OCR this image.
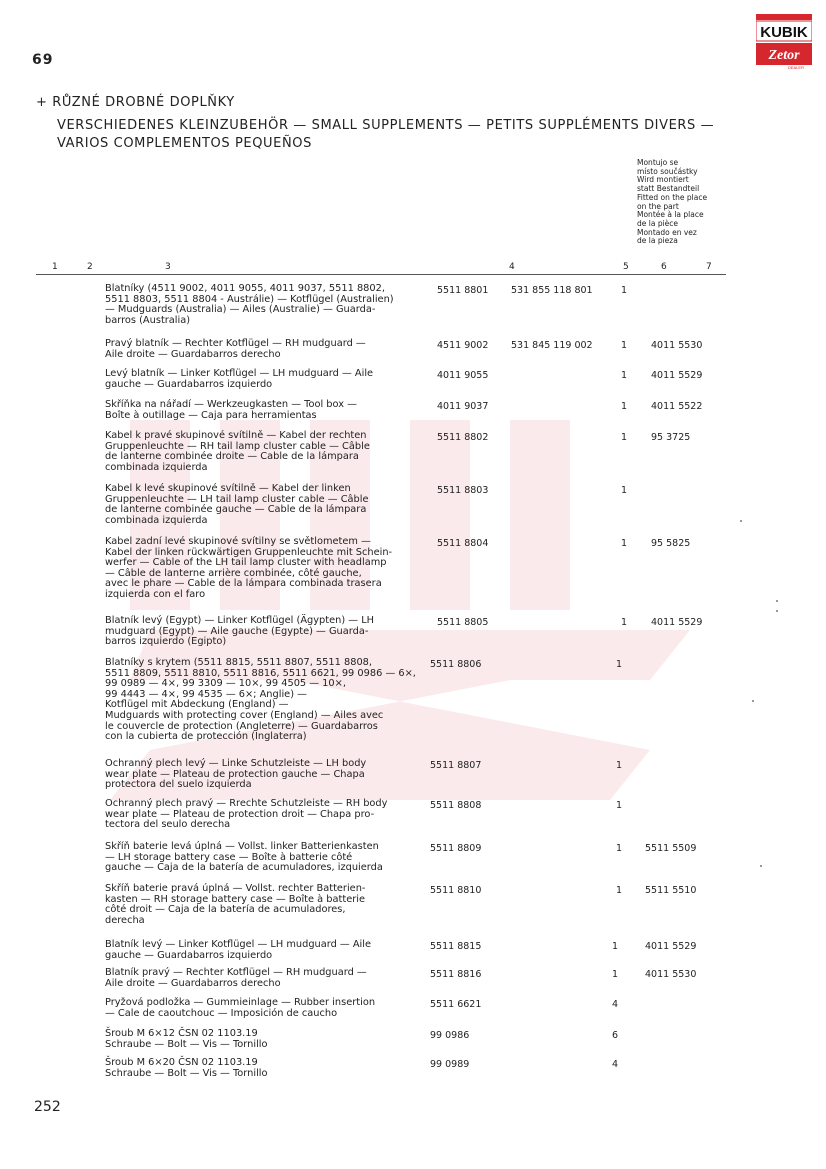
69
KUBIK
Zetor
DEALER
+ RŮZNÉ DROBNÉ DOPLŇKY
VERSCHIEDENES KLEINZUBEHÖR — SMALL SUPPLEMENTS — PETITS SUPPLÉMENTS DIVERS —
VARIOS COMPLEMENTOS PEQUEÑOS
Montujo se
místo součástky
Wird montiert
statt Bestandteil
Fitted on the place
on the part
Montée à la place
de la pièce
Montado en vez
de la pieza
1	2	3	4	5	6	7
Blatníky (4511 9002, 4011 9055, 4011 9037, 5511 8802,
5511 8803, 5511 8804 - Austrálie) — Kotflügel (Australien)
— Mudguards (Australia) — Ailes (Australie) — Guarda-
barros (Australia)
5511 8801 531 855 118 801	1
Pravý blatník — Rechter Kotflügel — RH mudguard —
Aile droite — Guardabarros derecho
4511 9002 531 845 119 002	1	4011 5530
Levý blatník — Linker Kotflügel — LH mudguard — Aile
gauche — Guardabarros izquierdo
4011 9055	1	4011 5529
Skříňka na nářadí — Werkzeugkasten — Tool box —
Boîte à outillage — Caja para herramientas
4011 9037	1	4011 5522
Kabel k pravé skupinové svítilně — Kabel der rechten
Gruppenleuchte — RH tail lamp cluster cable — Câble
de lanterne combinée droite — Cable de la lámpara
combinada izquierda
5511 8802	1	95 3725
Kabel k levé skupinové svítilně — Kabel der linken
Gruppenleuchte — LH tail lamp cluster cable — Câble
de lanterne combinée gauche — Cable de la lámpara
combinada izquierda
5511 8803	1
Kabel zadní levé skupinové svítilny se světlometem —
Kabel der linken rückwärtigen Gruppenleuchte mit Schein-
werfer — Cable of the LH tail lamp cluster with headlamp
— Câble de lanterne arrière combinée, côté gauche,
avec le phare — Cable de la lámpara combinada trasera
izquierda con el faro
5511 8804	1	95 5825
Blatník levý (Egypt) — Linker Kotflügel (Ägypten) — LH
mudguard (Egypt) — Aile gauche (Egypte) — Guarda-
barros izquierdo (Egipto)
5511 8805	1	4011 5529
Blatníky s krytem (5511 8815, 5511 8807, 5511 8808,
5511 8809, 5511 8810, 5511 8816, 5511 6621, 99 0986 — 6×,
99 0989 — 4×, 99 3309 — 10×, 99 4505 — 10×,
99 4443 — 4×, 99 4535 — 6×; Anglie) —
Kotflügel mit Abdeckung (England) —
Mudguards with protecting cover (England) — Ailes avec
le couvercle de protection (Angleterre) — Guardabarros
con la cubierta de protección (Inglaterra)
5511 8806	1
Ochranný plech levý — Linke Schutzleiste — LH body
wear plate — Plateau de protection gauche — Chapa
protectora del suelo izquierda
5511 8807	1
Ochranný plech pravý — Rrechte Schutzleiste — RH body
wear plate — Plateau de protection droit — Chapa pro-
tectora del seulo derecha
5511 8808	1
Skříň baterie levá úplná — Vollst. linker Batterienkasten
— LH storage battery case — Boîte à batterie côté
gauche — Caja de la batería de acumuladores, izquierda
5511 8809	1 5511 5509
Skříň baterie pravá úplná — Vollst. rechter Batterien-
kasten — RH storage battery case — Boîte à batterie
côté droit — Caja de la batería de acumuladores,
derecha
5511 8810	1 5511 5510
Blatník levý — Linker Kotflügel — LH mudguard — Aile
gauche — Guardabarros izquierdo
5511 8815	1	4011 5529
Blatník pravý — Rechter Kotflügel — RH mudguard —
Aile droite — Guardabarros derecho
5511 8816	1	4011 5530
Pryžová podložka — Gummieinlage — Rubber insertion
— Cale de caoutchouc — Imposición de caucho
5511 6621	4
Šroub M 6×12 ČSN 02 1103.19
Schraube — Bolt — Vis — Tornillo
99 0986	6
Šroub M 6×20 ČSN 02 1103.19
Schraube — Bolt — Vis — Tornillo
99 0989	4
252
